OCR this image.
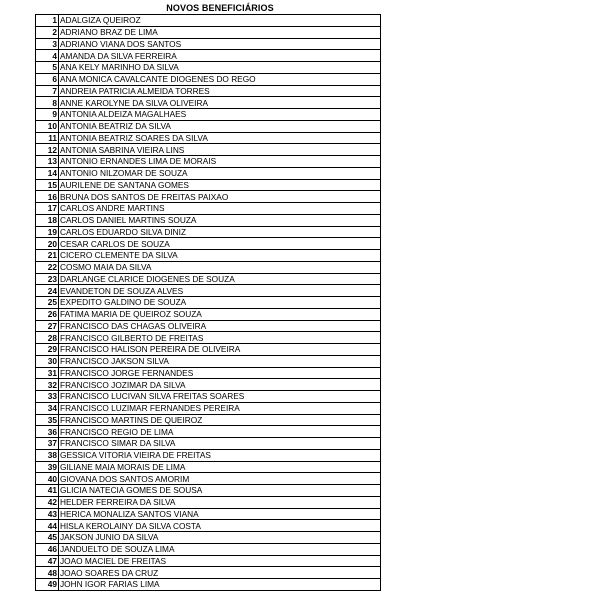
NOVOS BENEFICIÁRIOS
1	ADALGIZA QUEIROZ
2	ADRIANO BRAZ DE LIMA
3	ADRIANO VIANA DOS SANTOS
4	AMANDA DA SILVA FERREIRA
5	ANA KELY MARINHO DA SILVA
6	ANA MONICA CAVALCANTE DIOGENES DO REGO
7	ANDREIA PATRICIA ALMEIDA TORRES
8	ANNE KAROLYNE DA SILVA OLIVEIRA
9	ANTONIA ALDEIZA MAGALHAES
10	ANTONIA BEATRIZ DA SILVA
11	ANTONIA BEATRIZ SOARES DA SILVA
12	ANTONIA SABRINA VIEIRA LINS
13	ANTONIO ERNANDES LIMA DE MORAIS
14	ANTONIO NILZOMAR DE SOUZA
15	AURILENE DE SANTANA GOMES
16	BRUNA DOS SANTOS DE FREITAS PAIXAO
17	CARLOS ANDRE MARTINS
18	CARLOS DANIEL MARTINS SOUZA
19	CARLOS EDUARDO SILVA DINIZ
20	CESAR CARLOS DE SOUZA
21	CICERO CLEMENTE DA SILVA
22	COSMO MAIA DA SILVA
23	DARLANGE CLARICE DIOGENES DE SOUZA
24	EVANDETON DE SOUZA ALVES
25	EXPEDITO GALDINO DE SOUZA
26	FATIMA MARIA DE QUEIROZ SOUZA
27	FRANCISCO DAS CHAGAS OLIVEIRA
28	FRANCISCO GILBERTO DE FREITAS
29	FRANCISCO HALISON PEREIRA DE OLIVEIRA
30	FRANCISCO JAKSON SILVA
31	FRANCISCO JORGE FERNANDES
32	FRANCISCO JOZIMAR DA SILVA
33	FRANCISCO LUCIVAN SILVA FREITAS SOARES
34	FRANCISCO LUZIMAR FERNANDES PEREIRA
35	FRANCISCO MARTINS DE QUEIROZ
36	FRANCISCO REGIO DE LIMA
37	FRANCISCO SIMAR DA SILVA
38	GESSICA VITORIA VIEIRA DE FREITAS
39	GILIANE MAIA MORAIS DE LIMA
40	GIOVANA DOS SANTOS AMORIM
41	GLICIA NATECIA GOMES DE SOUSA
42	HELDER FERREIRA DA SILVA
43	HERICA MONALIZA SANTOS VIANA
44	HISLA KEROLAINY DA SILVA COSTA
45	JAKSON JUNIO DA SILVA
46	JANDUELTO DE SOUZA LIMA
47	JOAO MACIEL DE FREITAS
48	JOAO SOARES DA CRUZ
49	JOHN IGOR FARIAS LIMA
